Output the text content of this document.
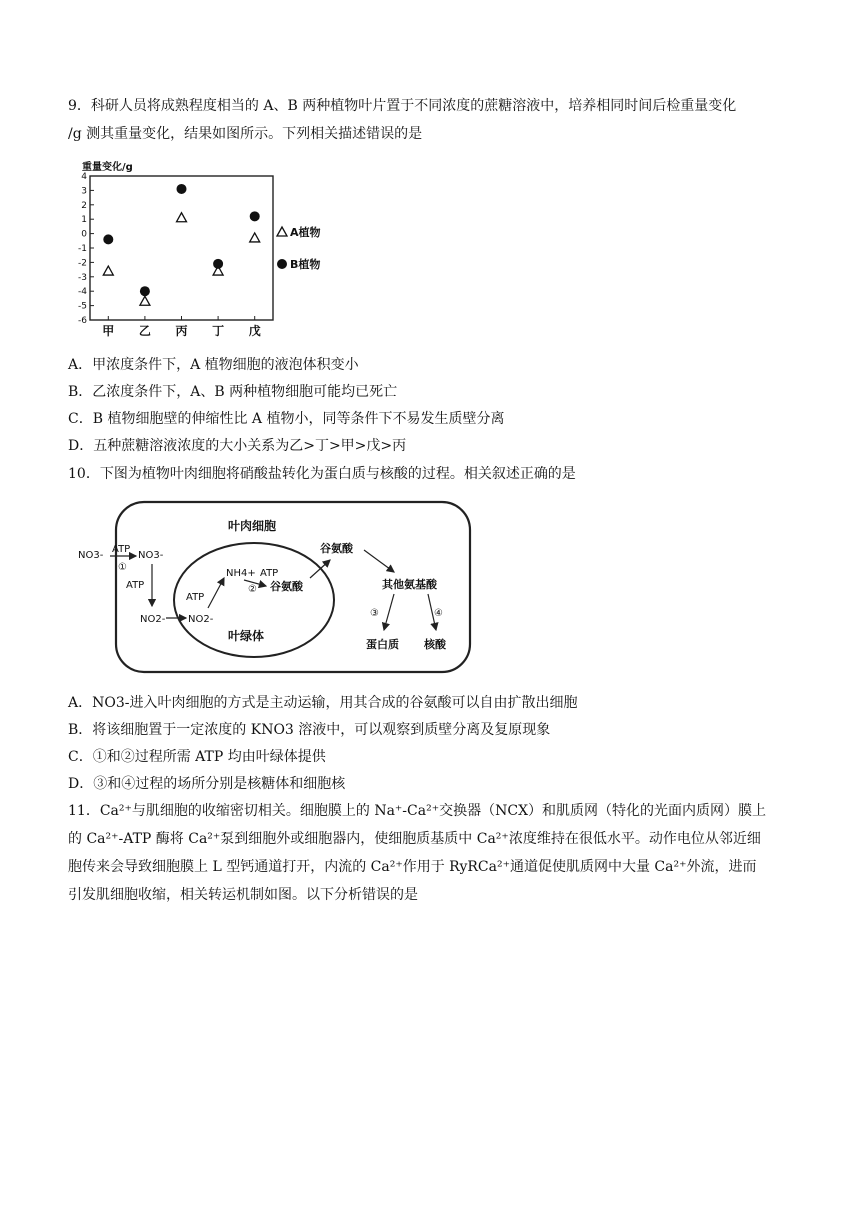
9．科研人员将成熟程度相当的 A、B 两种植物叶片置于不同浓度的蔗糖溶液中，培养相同时间后检重量变化
/g 测其重量变化，结果如图所示。下列相关描述错误的是
重量变化/g
4
3
2
1
0
-1
-2
-3
-4
-5
-6
甲 乙 丙 丁 戊
A植物
B植物
A．甲浓度条件下，A 植物细胞的液泡体积变小
B．乙浓度条件下，A、B 两种植物细胞可能均已死亡
C．B 植物细胞壁的伸缩性比 A 植物小，同等条件下不易发生质壁分离
D．五种蔗糖溶液浓度的大小关系为乙>丁>甲>戊>丙
10．下图为植物叶肉细胞将硝酸盐转化为蛋白质与核酸的过程。相关叙述正确的是
叶肉细胞
叶绿体
NO3-
ATP
①
NO3-
ATP
NO2- NO2-
ATP
NH4+ ATP
② 谷氨酸
谷氨酸
其他氨基酸
③	④
蛋白质 核酸
A．NO3-进入叶肉细胞的方式是主动运输，用其合成的谷氨酸可以自由扩散出细胞
B．将该细胞置于一定浓度的 KNO3 溶液中，可以观察到质壁分离及复原现象
C．①和②过程所需 ATP 均由叶绿体提供
D．③和④过程的场所分别是核糖体和细胞核
11．Ca²⁺与肌细胞的收缩密切相关。细胞膜上的 Na⁺-Ca²⁺交换器（NCX）和肌质网（特化的光面内质网）膜上
的 Ca²⁺-ATP 酶将 Ca²⁺泵到细胞外或细胞器内，使细胞质基质中 Ca²⁺浓度维持在很低水平。动作电位从邻近细
胞传来会导致细胞膜上 L 型钙通道打开，内流的 Ca²⁺作用于 RyRCa²⁺通道促使肌质网中大量 Ca²⁺外流，进而
引发肌细胞收缩，相关转运机制如图。以下分析错误的是
